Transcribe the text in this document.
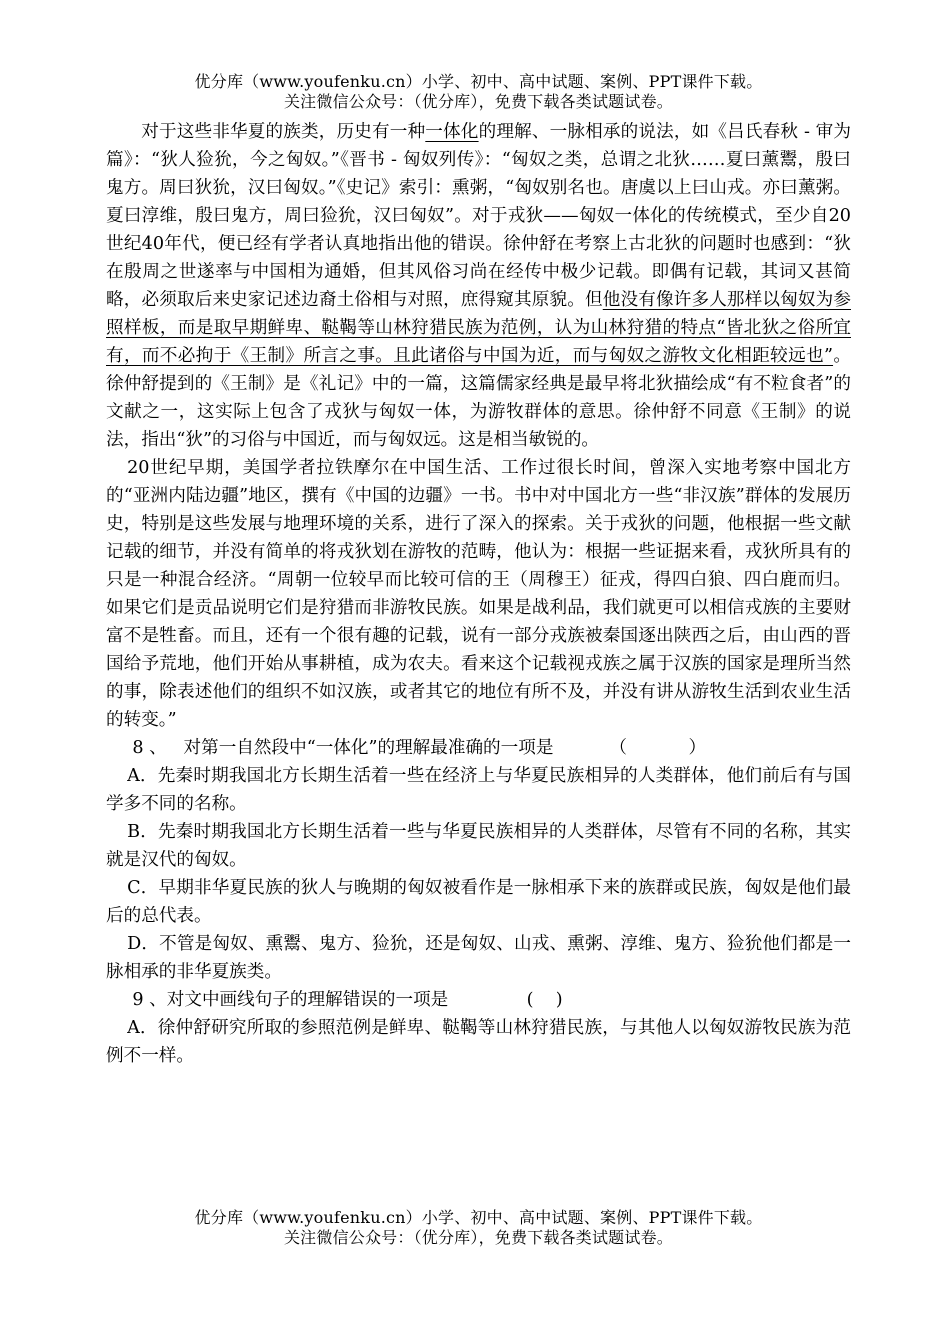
优分库（www.youfenku.cn）小学、初中、高中试题、案例、PPT课件下载。
关注微信公众号：（优分库），免费下载各类试题试卷。

对于这些非华夏的族类，历史有一种一体化的理解、一脉相承的说法，如《吕氏春秋 - 审为篇》：“狄人猃狁，今之匈奴。”《晋书 - 匈奴列传》：“匈奴之类，总谓之北狄……夏曰薰鬻，殷曰鬼方。周曰狄狁，汉曰匈奴。”《史记》索引：熏粥，“匈奴别名也。唐虞以上曰山戎。亦曰薰粥。夏曰淳维，殷曰鬼方，周曰猃狁，汉曰匈奴”。对于戎狄——匈奴一体化的传统模式，至少自20世纪40年代，便已经有学者认真地指出他的错误。徐仲舒在考察上古北狄的问题时也感到：“狄在殷周之世遂率与中国相为通婚，但其风俗习尚在经传中极少记载。即偶有记载，其词又甚简略，必须取后来史家记述边裔土俗相与对照，庶得窥其原貌。但他没有像许多人那样以匈奴为参照样板，而是取早期鲜卑、鞑鞨等山林狩猎民族为范例，认为山林狩猎的特点“皆北狄之俗所宜有，而不必拘于《王制》所言之事。且此诸俗与中国为近，而与匈奴之游牧文化相距较远也”。徐仲舒提到的《王制》是《礼记》中的一篇，这篇儒家经典是最早将北狄描绘成“有不粒食者”的文献之一，这实际上包含了戎狄与匈奴一体，为游牧群体的意思。徐仲舒不同意《王制》的说法，指出“狄”的习俗与中国近，而与匈奴远。这是相当敏锐的。

20世纪早期，美国学者拉铁摩尔在中国生活、工作过很长时间，曾深入实地考察中国北方的“亚洲内陆边疆”地区，撰有《中国的边疆》一书。书中对中国北方一些“非汉族”群体的发展历史，特别是这些发展与地理环境的关系，进行了深入的探索。关于戎狄的问题，他根据一些文献记载的细节，并没有简单的将戎狄划在游牧的范畴，他认为：根据一些证据来看，戎狄所具有的只是一种混合经济。“周朝一位较早而比较可信的王（周穆王）征戎，得四白狼、四白鹿而归。如果它们是贡品说明它们是狩猎而非游牧民族。如果是战利品，我们就更可以相信戎族的主要财富不是牲畜。而且，还有一个很有趣的记载，说有一部分戎族被秦国逐出陕西之后，由山西的晋国给予荒地，他们开始从事耕植，成为农夫。看来这个记载视戎族之属于汉族的国家是理所当然的事，除表述他们的组织不如汉族，或者其它的地位有所不及，并没有讲从游牧生活到农业生活的转变。”

8 、   对第一自然段中“一体化”的理解最准确的一项是          （           ）

A．先秦时期我国北方长期生活着一些在经济上与华夏民族相异的人类群体，他们前后有与国学多不同的名称。

B．先秦时期我国北方长期生活着一些与华夏民族相异的人类群体，尽管有不同的名称，其实就是汉代的匈奴。

C．早期非华夏民族的狄人与晚期的匈奴被看作是一脉相承下来的族群或民族，匈奴是他们最后的总代表。

D．不管是匈奴、熏鬻、鬼方、猃狁，还是匈奴、山戎、熏粥、淳维、鬼方、猃狁他们都是一脉相承的非华夏族类。

9 、对文中画线句子的理解错误的一项是              (    )

A．徐仲舒研究所取的参照范例是鲜卑、鞑鞨等山林狩猎民族，与其他人以匈奴游牧民族为范例不一样。

优分库（www.youfenku.cn）小学、初中、高中试题、案例、PPT课件下载。
关注微信公众号：（优分库），免费下载各类试题试卷。
